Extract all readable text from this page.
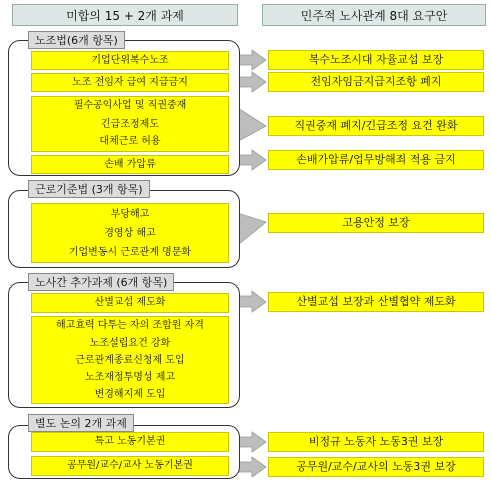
미합의 15 + 2개 과제	민주적 노사관계 8대 요구안
기업단위복수노조
노조 전임자 급여 지급금지
필수공익사업 및 직권중재
긴급조정제도
대체근로 허용
손배 가압류
노조법(6개 항목)
부당해고
경영상 해고
기업변동시 근로관계 명문화
근로기준법 (3개 항목)
산별교섭 제도화
해고효력 다투는 자의 조합원 자격
노조설립요건 강화
근로관계종료신청제 도입
노조재정투명성 제고
변경해지제 도입
노사간 추가과제 (6개 항목)
특고 노동기본권
공무원/교수/교사 노동기본권
별도 논의 2개 과제
복수노조시대 자율교섭 보장
전임자임금지급지조항 폐지
직권중재 폐지/긴급조정 요건 완화
손배가압류/업무방해죄 적용 금지
고용안정 보장
산별교섭 보장과 산별협약 제도화
비정규 노동자 노동3권 보장
공무원/교수/교사의 노동3권 보장
